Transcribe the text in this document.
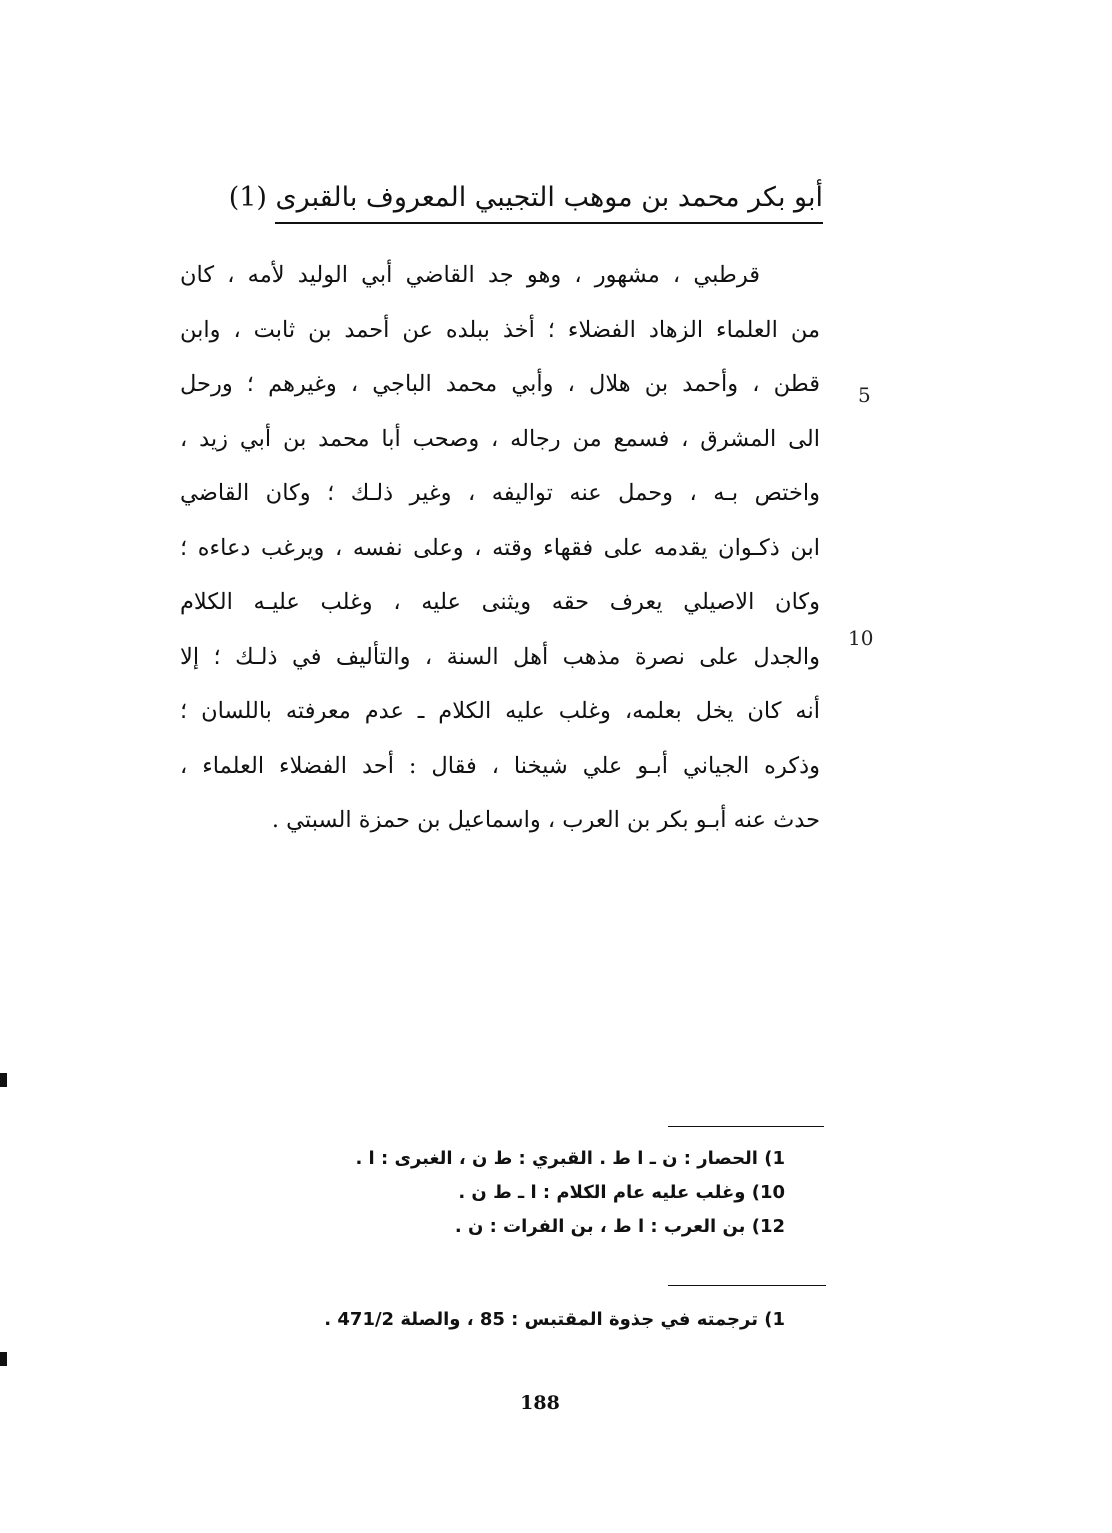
أبو بكر محمد بن موهب التجيبي المعروف بالقبرى (1)
قرطبي ، مشهور ، وهو جد القاضي أبي الوليد لأمه ، كان
من العلماء الزهاد الفضلاء ؛ أخذ ببلده عن أحمد بن ثابت ، وابن
قطن ، وأحمد بن هلال ، وأبي محمد الباجي ، وغيرهم ؛ ورحل
الى المشرق ، فسمع من رجاله ، وصحب أبا محمد بن أبي زيد ،
واختص بـه ، وحمل عنه تواليفه ، وغير ذلـك ؛ وكان القاضي
ابن ذكـوان يقدمه على فقهاء وقته ، وعلى نفسه ، ويرغب دعاءه ؛
وكان الاصيلي يعرف حقه ويثنى عليه ، وغلب عليـه الكلام
والجدل على نصرة مذهب أهل السنة ، والتأليف في ذلـك ؛ إلا
أنه كان يخل بعلمه، وغلب عليه الكلام ـ عدم معرفته باللسان ؛
وذكره الجياني أبـو علي شيخنا ، فقال : أحد الفضلاء العلماء ،
حدث عنه أبـو بكر بن العرب ، واسماعيل بن حمزة السبتي .
5
10
1) الحصار : ن ـ ا ط . القبري : ط ن ، الغبرى : ا .
10) وغلب عليه عام الكلام : ا ـ ط ن .
12) بن العرب : ا ط ، بن الفرات : ن .
1) ترجمته في جذوة المقتبس : 85 ، والصلة 471/2 .
188
